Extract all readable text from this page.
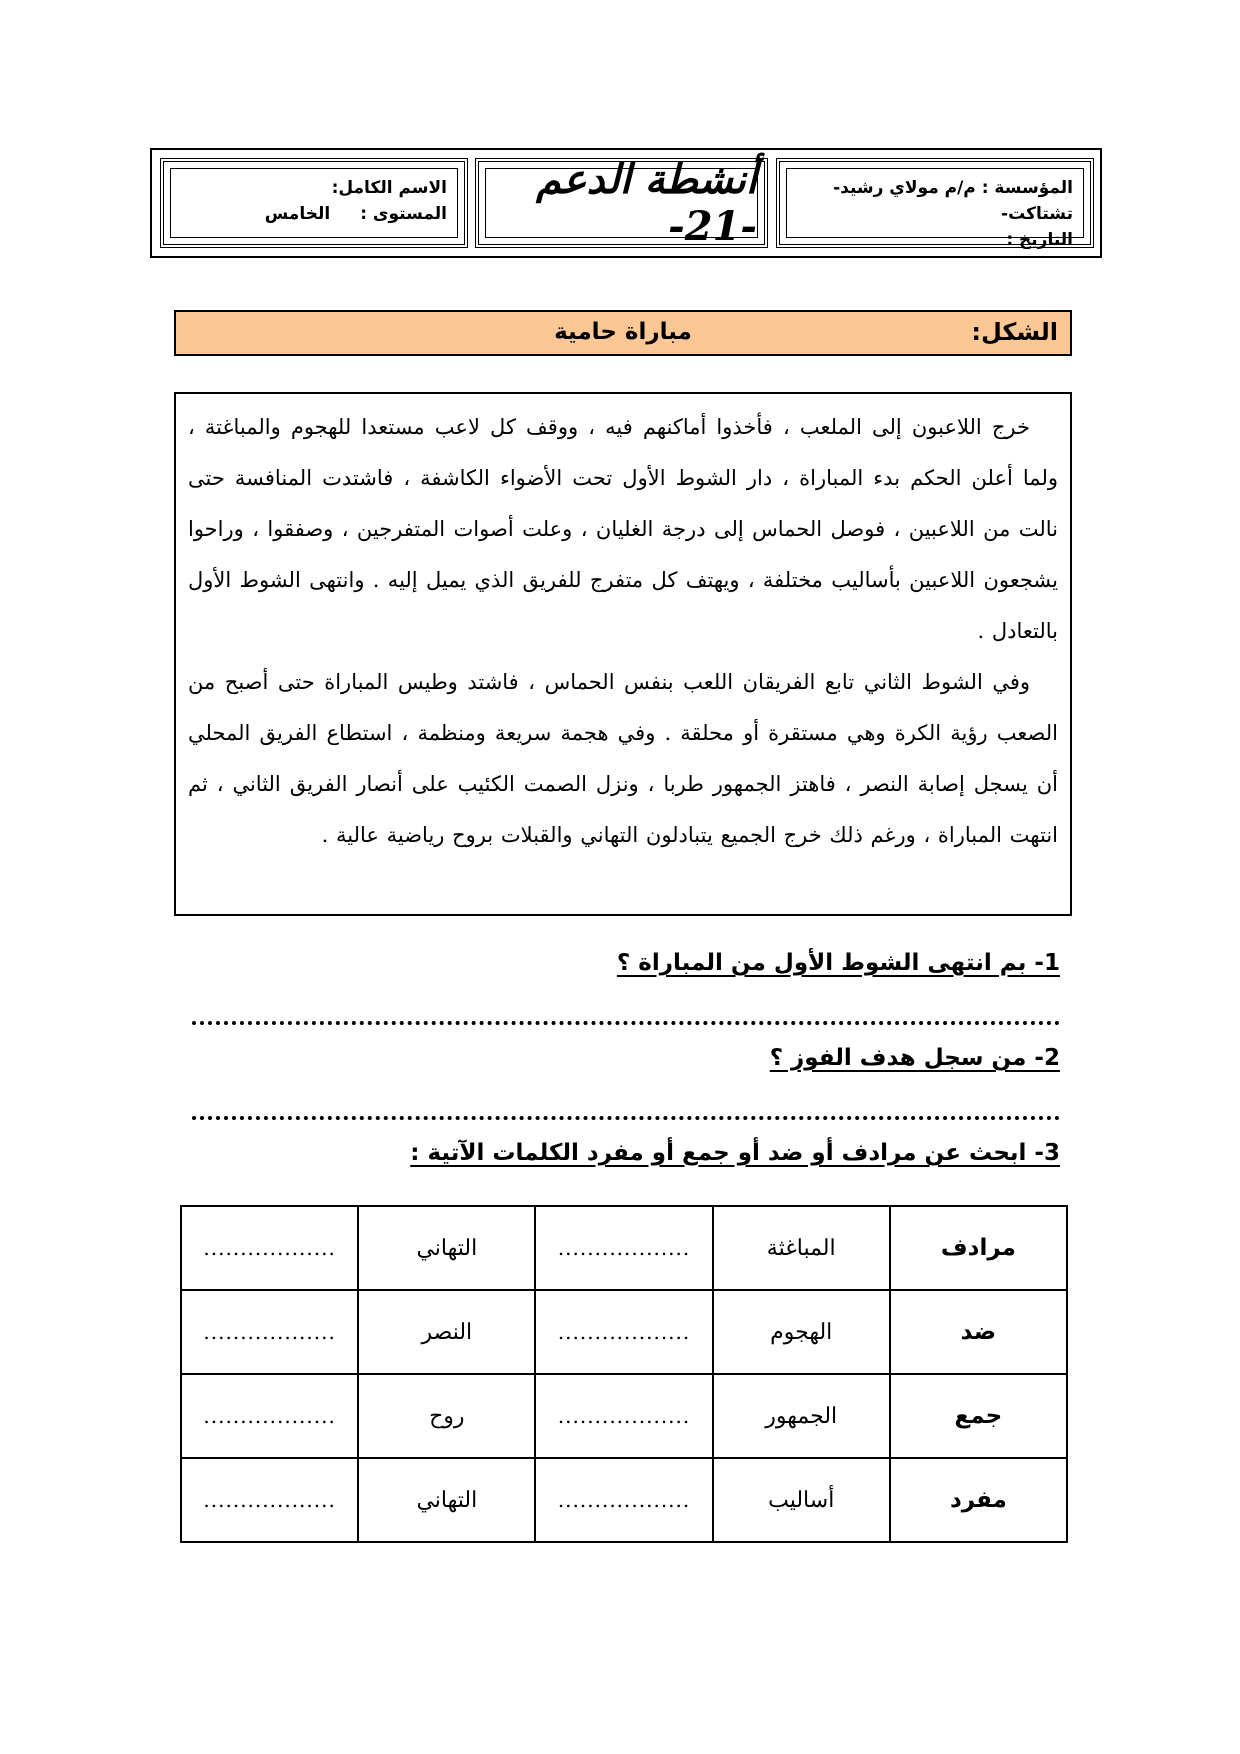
المؤسسة : م/م مولاي رشيد-تشتاكت-
التاريخ :
أنشطة الدعم -21-
الاسم الكامل:
المستوى :
الخامس
الشكل:
مباراة حامية

خرج اللاعبون إلى الملعب ، فأخذوا أماكنهم فيه ، ووقف كل لاعب مستعدا للهجوم والمباغتة ، ولما أعلن الحكم بدء المباراة ، دار الشوط الأول تحت الأضواء الكاشفة ، فاشتدت المنافسة حتى نالت من اللاعبين ، فوصل الحماس إلى درجة الغليان ، وعلت أصوات المتفرجين ، وصفقوا ، وراحوا يشجعون اللاعبين بأساليب مختلفة ، ويهتف كل متفرج للفريق الذي يميل إليه . وانتهى الشوط الأول بالتعادل .

وفي الشوط الثاني تابع الفريقان اللعب بنفس الحماس ، فاشتد وطيس المباراة حتى أصبح من الصعب رؤية الكرة وهي مستقرة أو محلقة . وفي هجمة سريعة ومنظمة ، استطاع الفريق المحلي أن يسجل إصابة النصر ، فاهتز الجمهور طربا ، ونزل الصمت الكئيب على أنصار الفريق الثاني ، ثم انتهت المباراة ، ورغم ذلك خرج الجميع يتبادلون التهاني والقبلات بروح رياضية عالية .

1- بم انتهى الشوط الأول من المباراة ؟
2- من سجل هدف الفوز ؟
3- ابحث عن مرادف أو ضد أو جمع أو مفرد الكلمات الآتية :
مرادف	المباغثة	..................	التهاني	..................
ضد	الهجوم	..................	النصر	..................
جمع	الجمهور	..................	روح	..................
مفرد	أساليب	..................	التهاني	..................
